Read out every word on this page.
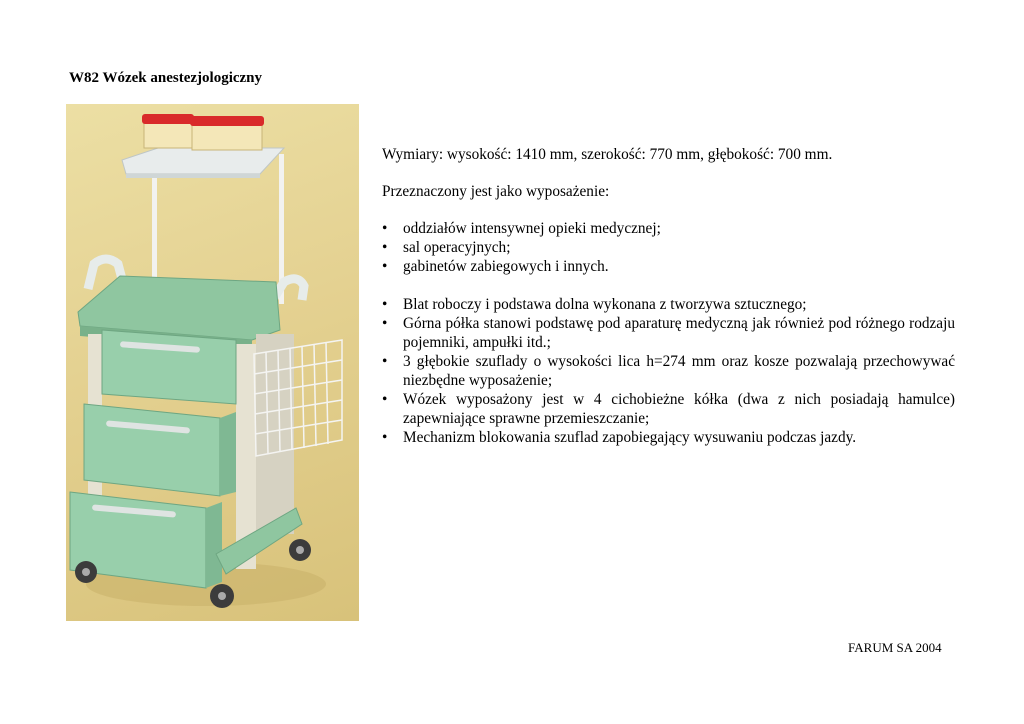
W82 Wózek anestezjologiczny

Wymiary: wysokość: 1410 mm, szerokość: 770 mm, głębokość: 700 mm.

Przeznaczony jest jako wyposażenie:

• oddziałów intensywnej opieki medycznej;
• sal operacyjnych;
• gabinetów zabiegowych i innych.
• Blat roboczy i podstawa dolna wykonana z tworzywa sztucznego;
• Górna półka stanowi podstawę pod aparaturę medyczną jak również pod różnego rodzaju pojemniki, ampułki itd.;
• 3 głębokie szuflady o wysokości lica h=274 mm oraz kosze pozwalają przechowywać niezbędne wyposażenie;
• Wózek wyposażony jest w 4 cichobieżne kółka (dwa z nich posiadają hamulce) zapewniające sprawne przemieszczanie;
• Mechanizm blokowania szuflad zapobiegający wysuwaniu podczas jazdy.
FARUM SA 2004
